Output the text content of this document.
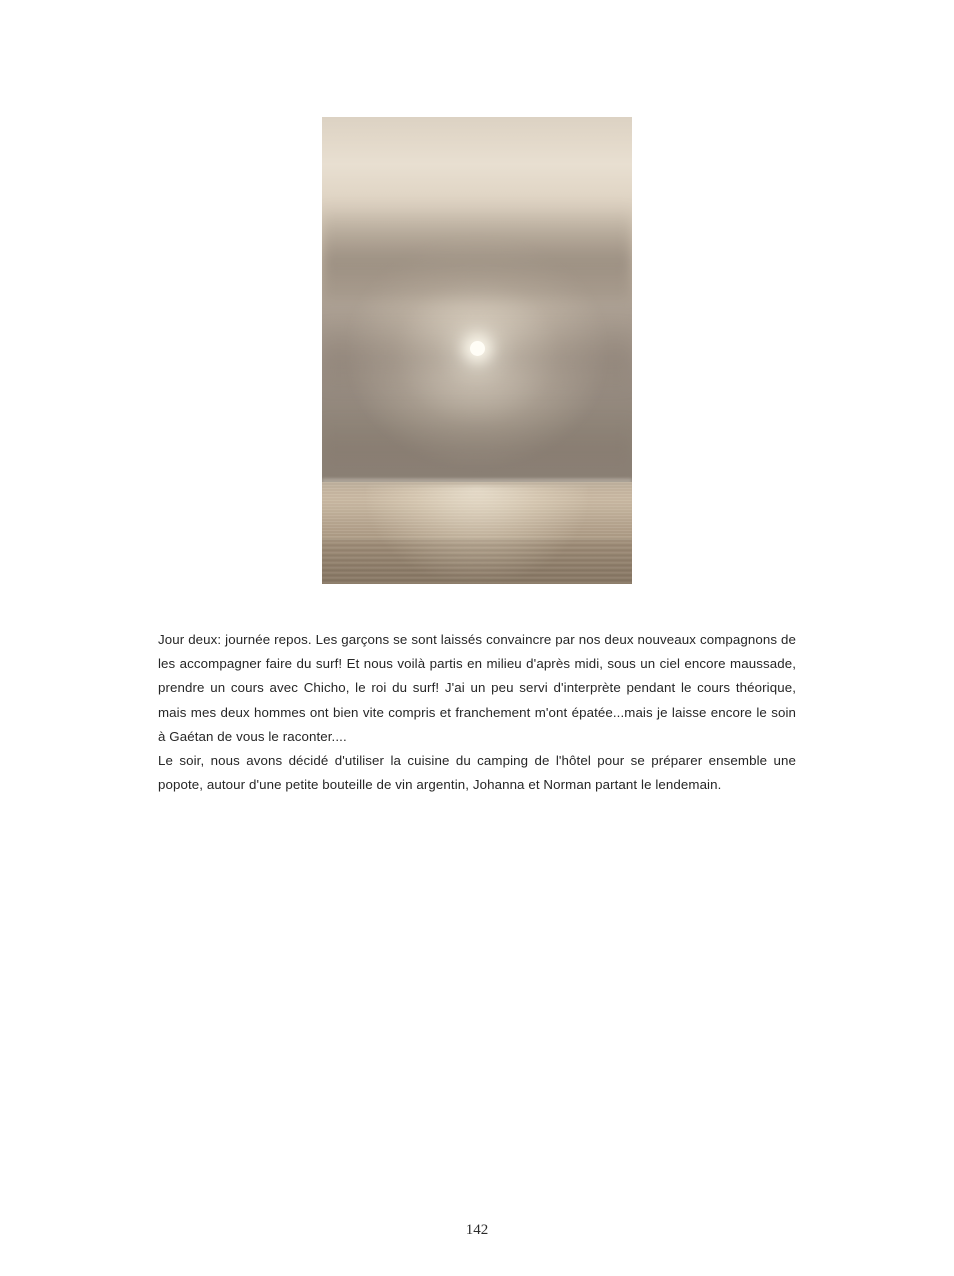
Jour deux: journée repos. Les garçons se sont laissés convaincre par nos deux nouveaux compagnons de les accompagner faire du surf! Et nous voilà partis en milieu d'après midi, sous un ciel encore maussade, prendre un cours avec Chicho, le roi du surf! J'ai un peu servi d'interprète pendant le cours théorique, mais mes deux hommes ont bien vite compris et franchement m'ont épatée...mais je laisse encore le soin à Gaétan de vous le raconter....

Le soir, nous avons décidé d'utiliser la cuisine du camping de l'hôtel pour se préparer ensemble une popote, autour d'une petite bouteille de vin argentin, Johanna et Norman partant le lendemain.

142
